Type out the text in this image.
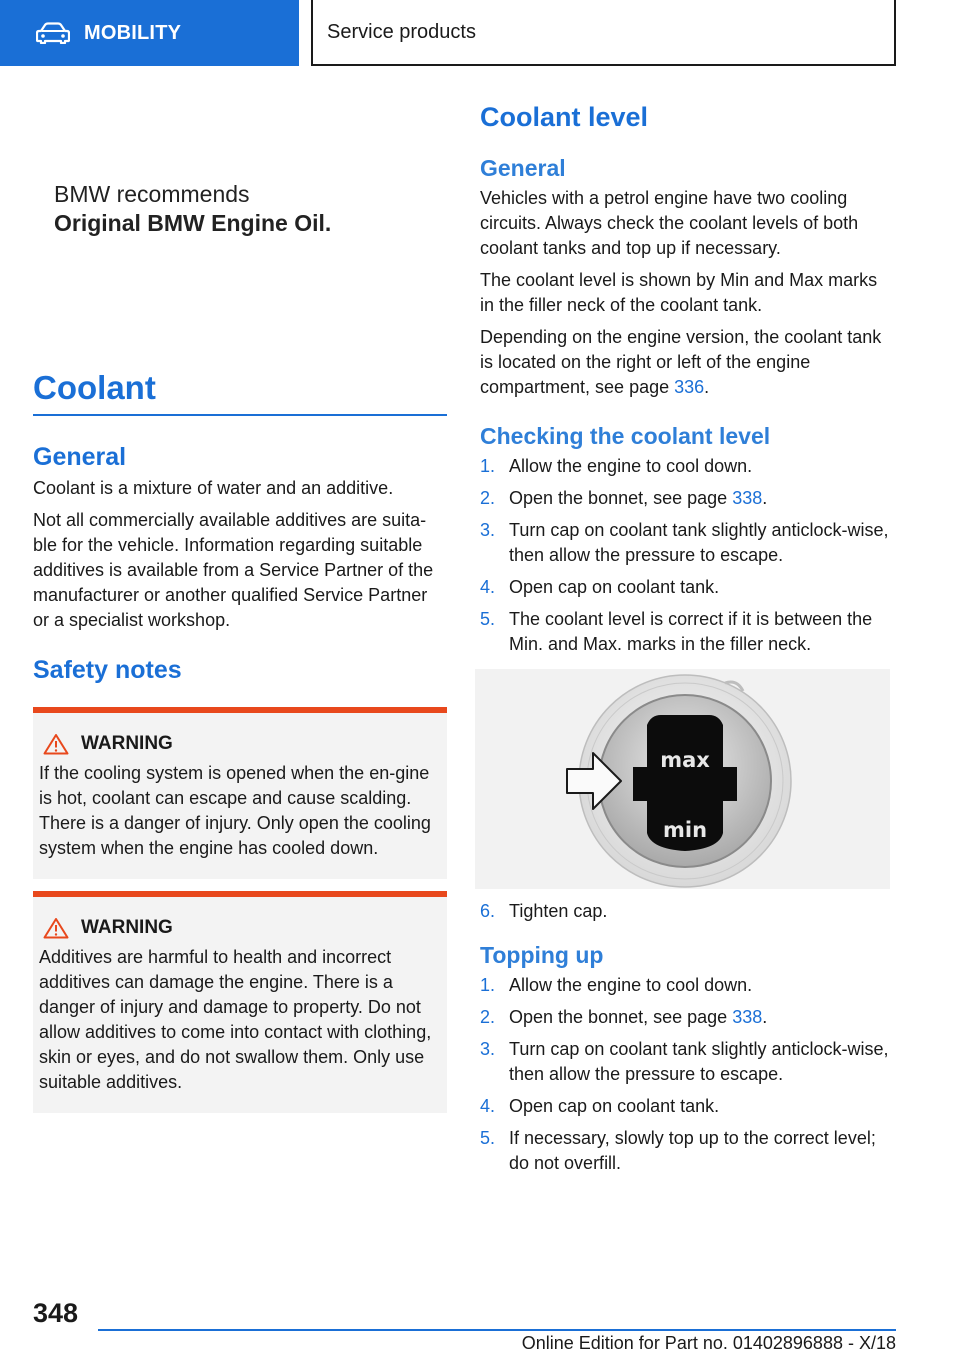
MOBILITY	Service products
BMW recommends
Original BMW Engine Oil.
Coolant
General

Coolant is a mixture of water and an additive.

Not all commercially available additives are suita-ble for the vehicle. Information regarding suitable additives is available from a Service Partner of the manufacturer or another qualified Service Partner or a specialist workshop.

Safety notes
WARNING

If the cooling system is opened when the en-gine is hot, coolant can escape and cause scalding. There is a danger of injury. Only open the cooling system when the engine has cooled down.

WARNING

Additives are harmful to health and incorrect additives can damage the engine. There is a danger of injury and damage to property. Do not allow additives to come into contact with clothing, skin or eyes, and do not swallow them. Only use suitable additives.

Coolant level
General

Vehicles with a petrol engine have two cooling circuits. Always check the coolant levels of both coolant tanks and top up if necessary.

The coolant level is shown by Min and Max marks in the filler neck of the coolant tank.

Depending on the engine version, the coolant tank is located on the right or left of the engine compartment, see page 336.

Checking the coolant level
1. Allow the engine to cool down.
2. Open the bonnet, see page 338.
3. Turn cap on coolant tank slightly anticlock-wise, then allow the pressure to escape.
4. Open cap on coolant tank.
5. The coolant level is correct if it is between the Min. and Max. marks in the filler neck.
max
min
6. Tighten cap.
Topping up
1. Allow the engine to cool down.
2. Open the bonnet, see page 338.
3. Turn cap on coolant tank slightly anticlock-wise, then allow the pressure to escape.
4. Open cap on coolant tank.
5. If necessary, slowly top up to the correct level; do not overfill.
348
Online Edition for Part no. 01402896888 - X/18
